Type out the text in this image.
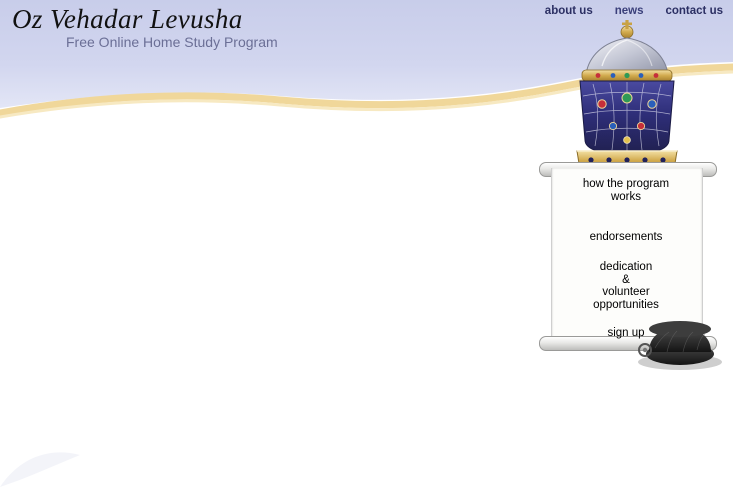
Oz Vehadar Levusha
Free Online Home Study Program
about us news contact us
how the program
works
endorsements
dedication
&
volunteer
opportunities
sign up
